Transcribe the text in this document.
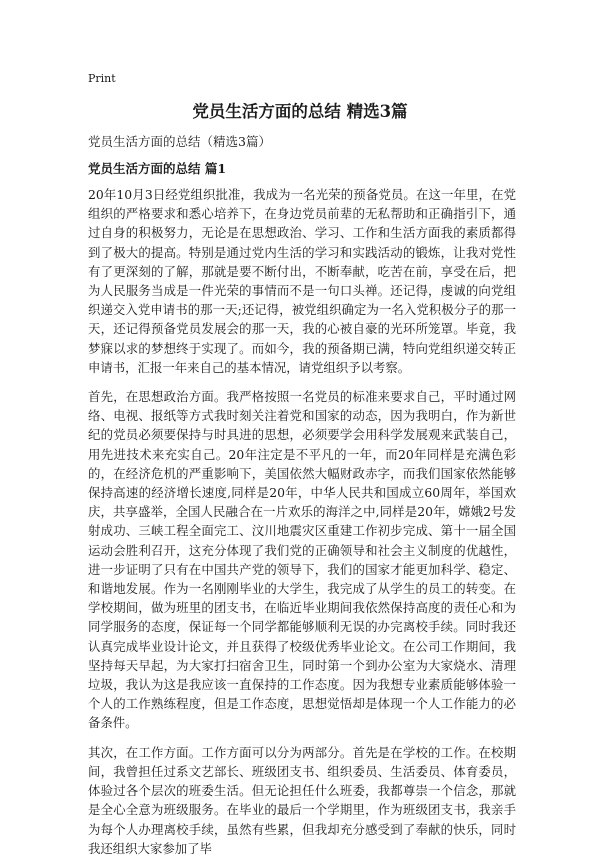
Print
党员生活方面的总结 精选3篇
党员生活方面的总结（精选3篇）
党员生活方面的总结 篇1

20年10月3日经党组织批准，我成为一名光荣的预备党员。在这一年里，在党组织的严格要求和悉心培养下，在身边党员前辈的无私帮助和正确指引下，通过自身的积极努力，无论是在思想政治、学习、工作和生活方面我的素质都得到了极大的提高。特别是通过党内生活的学习和实践活动的锻炼，让我对党性有了更深刻的了解，那就是要不断付出，不断奉献，吃苦在前，享受在后，把为人民服务当成是一件光荣的事情而不是一句口头禅。还记得，虔诚的向党组织递交入党申请书的那一天;还记得，被党组织确定为一名入党积极分子的那一天，还记得预备党员发展会的那一天，我的心被自豪的光环所笼罩。毕竟，我梦寐以求的梦想终于实现了。而如今，我的预备期已满，特向党组织递交转正申请书，汇报一年来自己的基本情况，请党组织予以考察。

首先，在思想政治方面。我严格按照一名党员的标准来要求自己，平时通过网络、电视、报纸等方式我时刻关注着党和国家的动态，因为我明白，作为新世纪的党员必须要保持与时具进的思想，必须要学会用科学发展观来武装自己，用先进技术来充实自己。20年注定是不平凡的一年，而20年同样是充满色彩的，在经济危机的严重影响下，美国依然大幅财政赤字，而我们国家依然能够保持高速的经济增长速度,同样是20年，中华人民共和国成立60周年，举国欢庆，共享盛举，全国人民融合在一片欢乐的海洋之中,同样是20年，嫦娥2号发射成功、三峡工程全面完工、汶川地震灾区重建工作初步完成、第十一届全国运动会胜利召开，这充分体现了我们党的正确领导和社会主义制度的优越性，进一步证明了只有在中国共产党的领导下，我们的国家才能更加科学、稳定、和谐地发展。作为一名刚刚毕业的大学生，我完成了从学生的员工的转变。在学校期间，做为班里的团支书，在临近毕业期间我依然保持高度的责任心和为同学服务的态度，保证每一个同学都能够顺利无误的办完离校手续。同时我还认真完成毕业设计论文，并且获得了校级优秀毕业论文。在公司工作期间，我坚持每天早起，为大家打扫宿舍卫生，同时第一个到办公室为大家烧水、清理垃圾，我认为这是我应该一直保持的工作态度。因为我想专业素质能够体验一个人的工作熟练程度，但是工作态度，思想觉悟却是体现一个人工作能力的必备条件。

其次，在工作方面。工作方面可以分为两部分。首先是在学校的工作。在校期间，我曾担任过系文艺部长、班级团支书、组织委员、生活委员、体育委员，体验过各个层次的班委生活。但无论担任什么班委，我都尊崇一个信念，那就是全心全意为班级服务。在毕业的最后一个学期里，作为班级团支书，我亲手为每个人办理离校手续，虽然有些累，但我却充分感受到了奉献的快乐，同时我还组织大家参加了毕
